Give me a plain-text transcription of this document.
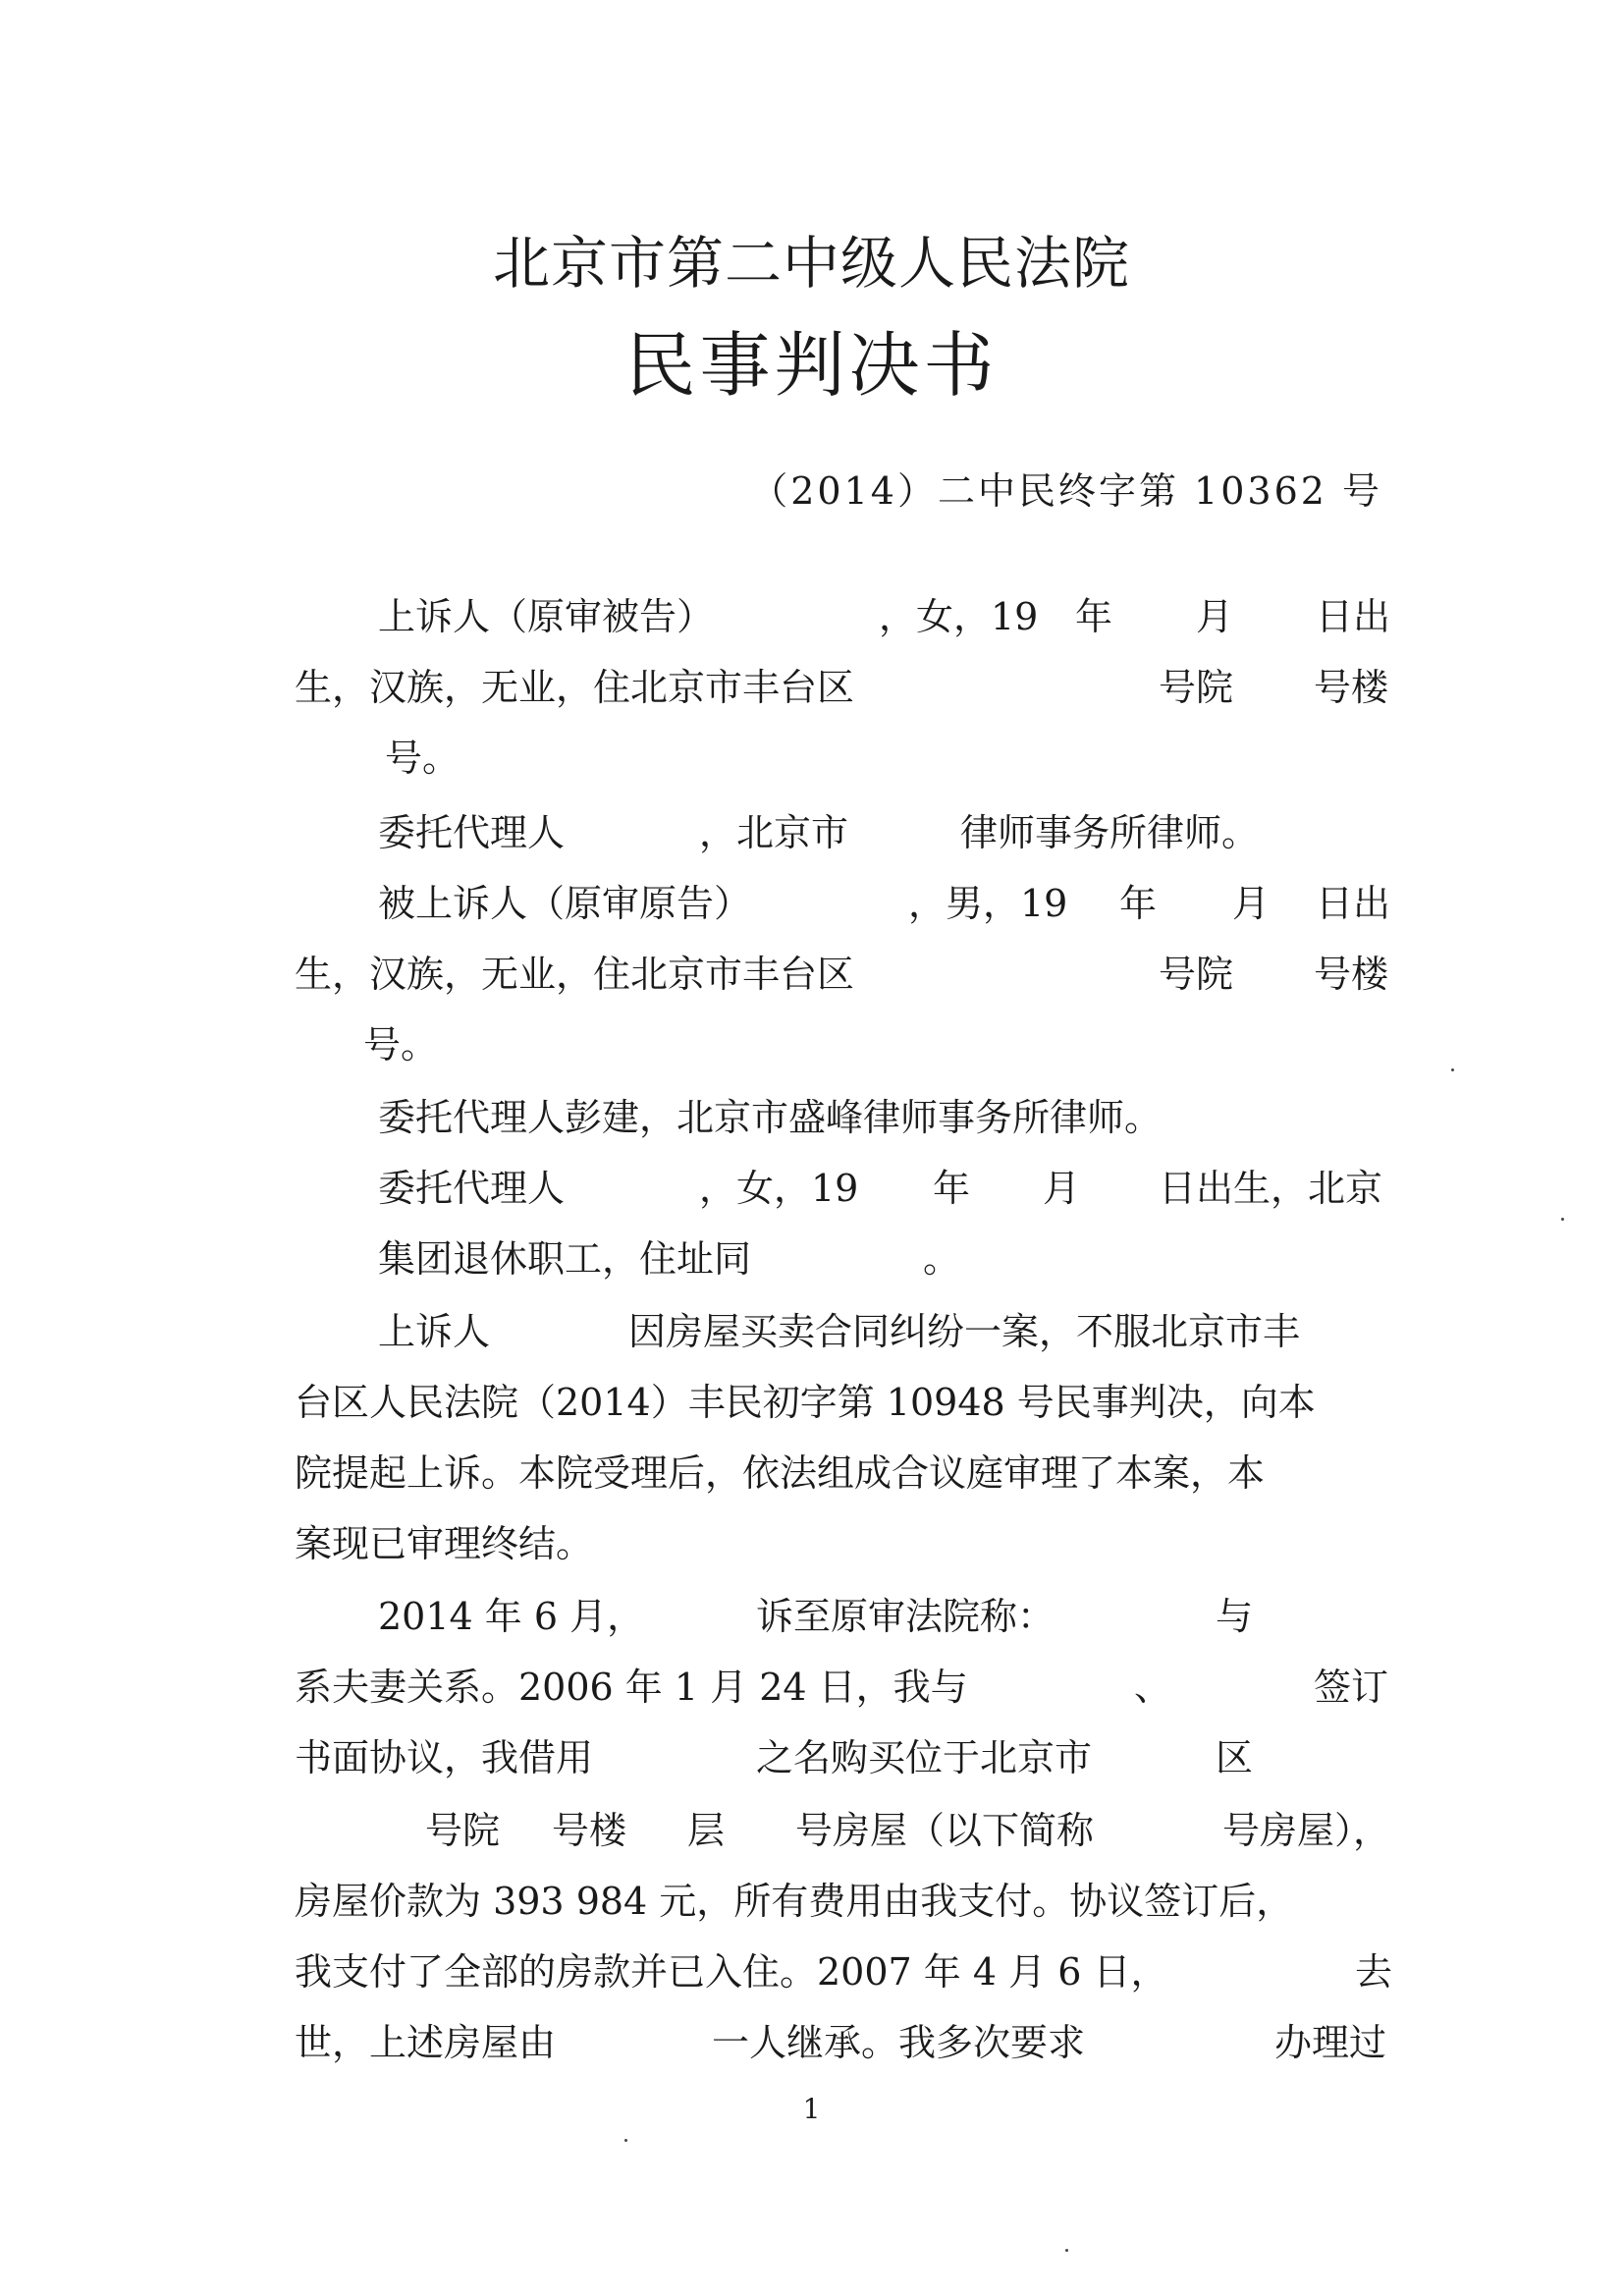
北京市第二中级人民法院
民事判决书
（2014）二中民终字第 10362 号
上诉人（原审被告）	，女，19 年 月 日出
生，汉族，无业，住北京市丰台区	号院 号楼
号。
委托代理人	，北京市	律师事务所律师。
被上诉人（原审原告）	，男，19 年 月 日出
生，汉族，无业，住北京市丰台区	号院 号楼
号。
委托代理人彭建，北京市盛峰律师事务所律师。
委托代理人	，女，19 年 月 日出生，北京
集团退休职工，住址同	。
上诉人	因房屋买卖合同纠纷一案，不服北京市丰
台区人民法院（2014）丰民初字第 10948 号民事判决，向本
院提起上诉。本院受理后，依法组成合议庭审理了本案，本
案现已审理终结。
2014 年 6 月，	诉至原审法院称：	与
系夫妻关系。2006 年 1 月 24 日，我与	、	签订
书面协议，我借用	之名购买位于北京市	区
号院 号楼 层 号房屋（以下简称	号房屋），
房屋价款为 393 984 元，所有费用由我支付。协议签订后，
我支付了全部的房款并已入住。2007 年 4 月 6 日，	去
世，上述房屋由	一人继承。我多次要求	办理过
1
